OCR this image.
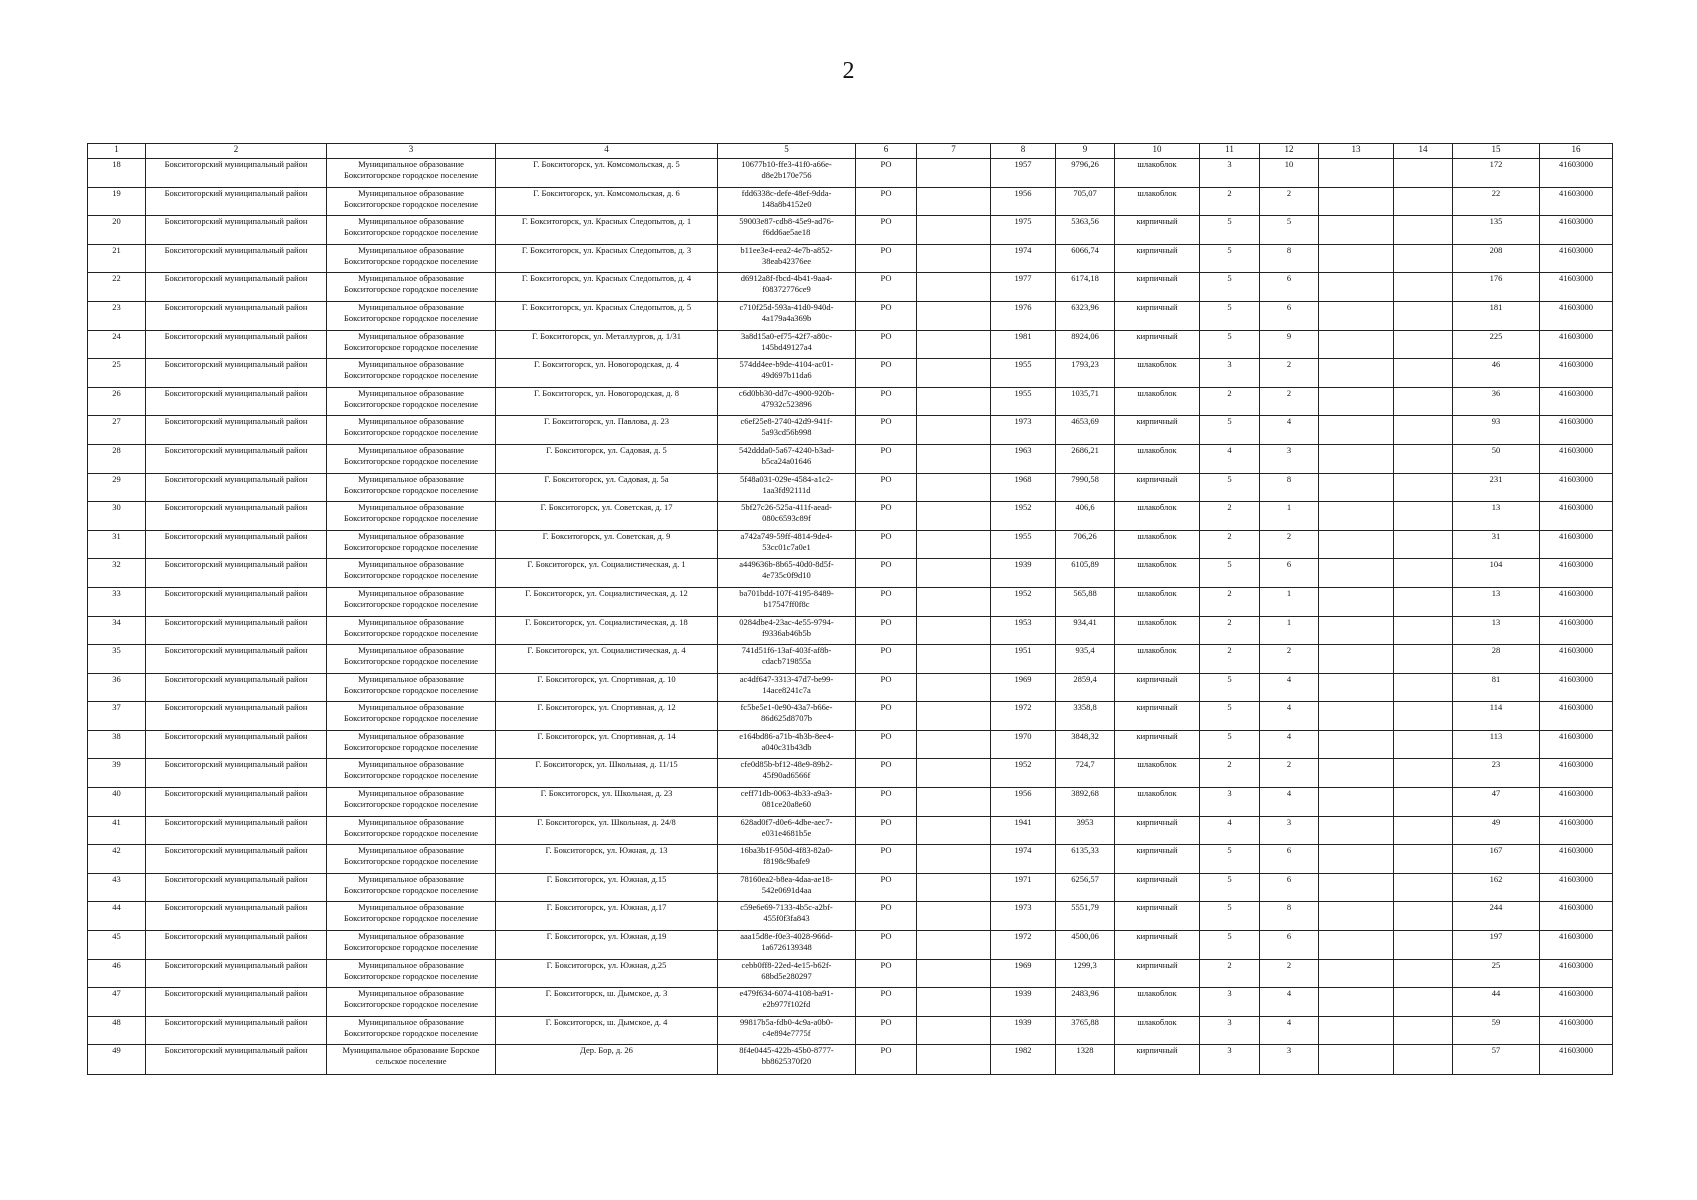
2
1	2	3	4	5	6	7	8	9	10	11	12	13	14	15	16
18	Бокситогорский муниципальный район	Муниципальное образование Бокситогорское городское поселение	Г. Бокситогорск, ул. Комсомольская, д. 5	10677b10-ffe3-41f0-a66e-d8e2b170e756	РО		1957	9796,26	шлакоблок	3	10			172	41603000
19	Бокситогорский муниципальный район	Муниципальное образование Бокситогорское городское поселение	Г. Бокситогорск, ул. Комсомольская, д. 6	fdd6338c-defe-48ef-9dda-148a8b4152e0	РО		1956	705,07	шлакоблок	2	2			22	41603000
20	Бокситогорский муниципальный район	Муниципальное образование Бокситогорское городское поселение	Г. Бокситогорск, ул. Красных Следопытов, д. 1	59003e87-cdb8-45e9-ad76-f6dd6ae5ae18	РО		1975	5363,56	кирпичный	5	5			135	41603000
21	Бокситогорский муниципальный район	Муниципальное образование Бокситогорское городское поселение	Г. Бокситогорск, ул. Красных Следопытов, д. 3	b11ee3e4-eea2-4e7b-a852-38eab42376ee	РО		1974	6066,74	кирпичный	5	8			208	41603000
22	Бокситогорский муниципальный район	Муниципальное образование Бокситогорское городское поселение	Г. Бокситогорск, ул. Красных Следопытов, д. 4	d6912a8f-fbcd-4b41-9aa4-f08372776ce9	РО		1977	6174,18	кирпичный	5	6			176	41603000
23	Бокситогорский муниципальный район	Муниципальное образование Бокситогорское городское поселение	Г. Бокситогорск, ул. Красных Следопытов, д. 5	c710f25d-593a-41d0-940d-4a179a4a369b	РО		1976	6323,96	кирпичный	5	6			181	41603000
24	Бокситогорский муниципальный район	Муниципальное образование Бокситогорское городское поселение	Г. Бокситогорск, ул. Металлургов, д. 1/31	3a8d15a0-ef75-42f7-a80c-145bd49127a4	РО		1981	8924,06	кирпичный	5	9			225	41603000
25	Бокситогорский муниципальный район	Муниципальное образование Бокситогорское городское поселение	Г. Бокситогорск, ул. Новогородская, д. 4	574dd4ee-b9de-4104-ac01-49d697b11da6	РО		1955	1793,23	шлакоблок	3	2			46	41603000
26	Бокситогорский муниципальный район	Муниципальное образование Бокситогорское городское поселение	Г. Бокситогорск, ул. Новогородская, д. 8	c6d0bb30-dd7c-4900-920b-47932c523896	РО		1955	1035,71	шлакоблок	2	2			36	41603000
27	Бокситогорский муниципальный район	Муниципальное образование Бокситогорское городское поселение	Г. Бокситогорск, ул. Павлова, д. 23	c6ef25e8-2740-42d9-941f-5a93cd56b998	РО		1973	4653,69	кирпичный	5	4			93	41603000
28	Бокситогорский муниципальный район	Муниципальное образование Бокситогорское городское поселение	Г. Бокситогорск, ул. Садовая, д. 5	542ddda0-5a67-4240-b3ad-b5ca24a01646	РО		1963	2686,21	шлакоблок	4	3			50	41603000
29	Бокситогорский муниципальный район	Муниципальное образование Бокситогорское городское поселение	Г. Бокситогорск, ул. Садовая, д. 5а	5f48a031-029e-4584-a1c2-1aa3fd92111d	РО		1968	7990,58	кирпичный	5	8			231	41603000
30	Бокситогорский муниципальный район	Муниципальное образование Бокситогорское городское поселение	Г. Бокситогорск, ул. Советская, д. 17	5bf27c26-525a-411f-aead-080c6593c89f	РО		1952	406,6	шлакоблок	2	1			13	41603000
31	Бокситогорский муниципальный район	Муниципальное образование Бокситогорское городское поселение	Г. Бокситогорск, ул. Советская, д. 9	a742a749-59ff-4814-9de4-53cc01c7a0e1	РО		1955	706,26	шлакоблок	2	2			31	41603000
32	Бокситогорский муниципальный район	Муниципальное образование Бокситогорское городское поселение	Г. Бокситогорск, ул. Социалистическая, д. 1	a449636b-8b65-40d0-8d5f-4e735c0f9d10	РО		1939	6105,89	шлакоблок	5	6			104	41603000
33	Бокситогорский муниципальный район	Муниципальное образование Бокситогорское городское поселение	Г. Бокситогорск, ул. Социалистическая, д. 12	ba701bdd-107f-4195-8489-b17547ff0f8c	РО		1952	565,88	шлакоблок	2	1			13	41603000
34	Бокситогорский муниципальный район	Муниципальное образование Бокситогорское городское поселение	Г. Бокситогорск, ул. Социалистическая, д. 18	0284dbe4-23ac-4e55-9794-f9336ab46b5b	РО		1953	934,41	шлакоблок	2	1			13	41603000
35	Бокситогорский муниципальный район	Муниципальное образование Бокситогорское городское поселение	Г. Бокситогорск, ул. Социалистическая, д. 4	741d51f6-13af-403f-af8b-cdacb719855a	РО		1951	935,4	шлакоблок	2	2			28	41603000
36	Бокситогорский муниципальный район	Муниципальное образование Бокситогорское городское поселение	Г. Бокситогорск, ул. Спортивная, д. 10	ac4df647-3313-47d7-be99-14ace8241c7a	РО		1969	2859,4	кирпичный	5	4			81	41603000
37	Бокситогорский муниципальный район	Муниципальное образование Бокситогорское городское поселение	Г. Бокситогорск, ул. Спортивная, д. 12	fc5be5e1-0e90-43a7-b66e-86d625d8707b	РО		1972	3358,8	кирпичный	5	4			114	41603000
38	Бокситогорский муниципальный район	Муниципальное образование Бокситогорское городское поселение	Г. Бокситогорск, ул. Спортивная, д. 14	e164bd86-a71b-4b3b-8ee4-a040c31b43db	РО		1970	3848,32	кирпичный	5	4			113	41603000
39	Бокситогорский муниципальный район	Муниципальное образование Бокситогорское городское поселение	Г. Бокситогорск, ул. Школьная, д. 11/15	cfe0d85b-bf12-48e9-89b2-45f90ad6566f	РО		1952	724,7	шлакоблок	2	2			23	41603000
40	Бокситогорский муниципальный район	Муниципальное образование Бокситогорское городское поселение	Г. Бокситогорск, ул. Школьная, д. 23	ceff71db-0063-4b33-a9a3-081ce20a8e60	РО		1956	3892,68	шлакоблок	3	4			47	41603000
41	Бокситогорский муниципальный район	Муниципальное образование Бокситогорское городское поселение	Г. Бокситогорск, ул. Школьная, д. 24/8	628ad0f7-d0e6-4dbe-aec7-e031e4681b5e	РО		1941	3953	кирпичный	4	3			49	41603000
42	Бокситогорский муниципальный район	Муниципальное образование Бокситогорское городское поселение	Г. Бокситогорск, ул. Южная, д. 13	16ba3b1f-950d-4f83-82a0-f8198c9bafe9	РО		1974	6135,33	кирпичный	5	6			167	41603000
43	Бокситогорский муниципальный район	Муниципальное образование Бокситогорское городское поселение	Г. Бокситогорск, ул. Южная, д.15	78160ea2-b8ea-4daa-ae18-542e0691d4aa	РО		1971	6256,57	кирпичный	5	6			162	41603000
44	Бокситогорский муниципальный район	Муниципальное образование Бокситогорское городское поселение	Г. Бокситогорск, ул. Южная, д.17	c59e6e69-7133-4b5c-a2bf-455f0f3fa843	РО		1973	5551,79	кирпичный	5	8			244	41603000
45	Бокситогорский муниципальный район	Муниципальное образование Бокситогорское городское поселение	Г. Бокситогорск, ул. Южная, д.19	aaa15d8e-f0e3-4028-966d-1a6726139348	РО		1972	4500,06	кирпичный	5	6			197	41603000
46	Бокситогорский муниципальный район	Муниципальное образование Бокситогорское городское поселение	Г. Бокситогорск, ул. Южная, д.25	cebb0ff8-22ed-4e15-b62f-68bd5e280297	РО		1969	1299,3	кирпичный	2	2			25	41603000
47	Бокситогорский муниципальный район	Муниципальное образование Бокситогорское городское поселение	Г. Бокситогорск, ш. Дымское, д. 3	e479f634-6074-4108-ba91-e2b977f102fd	РО		1939	2483,96	шлакоблок	3	4			44	41603000
48	Бокситогорский муниципальный район	Муниципальное образование Бокситогорское городское поселение	Г. Бокситогорск, ш. Дымское, д. 4	99817b5a-fdb0-4c9a-a0b0-c4e894e7775f	РО		1939	3765,88	шлакоблок	3	4			59	41603000
49	Бокситогорский муниципальный район	Муниципальное образование Борское сельское поселение	Дер. Бор, д. 26	8f4e0445-422b-45b0-8777-bb8625370f20	РО		1982	1328	кирпичный	3	3			57	41603000
